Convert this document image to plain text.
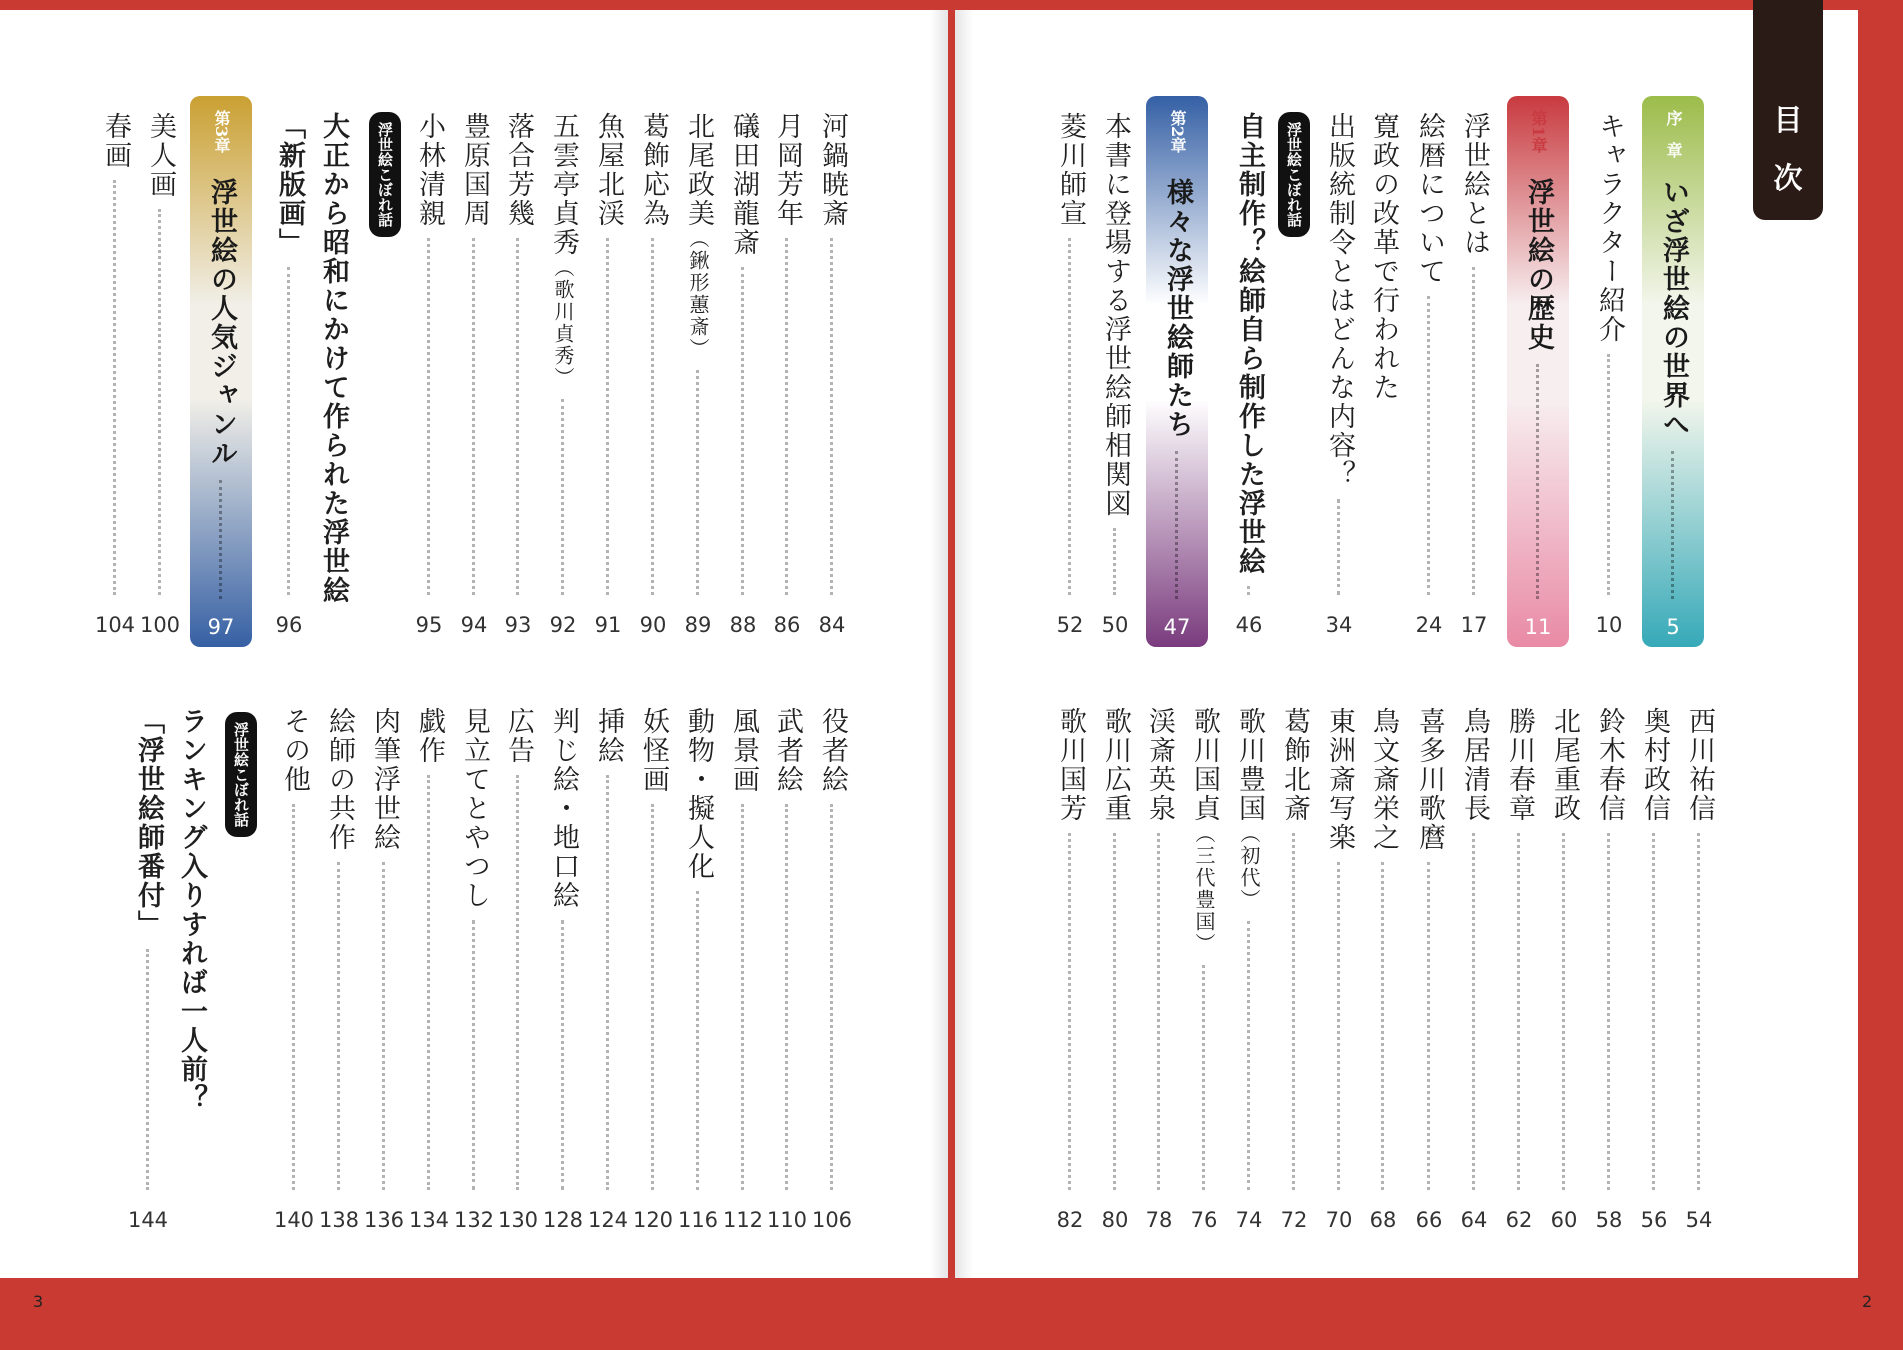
目
次
序　章
いざ浮世絵の世界へ
5
キャラクター紹介
10
第1章
浮世絵の歴史
11
浮世絵とは
17
絵暦について
24
寛政の改革で行われた
出版統制令とはどんな内容？
34
浮世絵こぼれ話
自主制作？絵師自ら制作した浮世絵
46
第2章
様々な浮世絵師たち
47
本書に登場する浮世絵師相関図
50
菱川師宣
52
西川祐信
54
奥村政信
56
鈴木春信
58
北尾重政
60
勝川春章
62
鳥居清長
64
喜多川歌麿
66
鳥文斎栄之
68
東洲斎写楽
70
葛飾北斎
72
歌川豊国（初代）
74
歌川国貞（三代豊国）
76
渓斎英泉
78
歌川広重
80
歌川国芳
82
河鍋暁斎
84
月岡芳年
86
礒田湖龍斎
88
北尾政美（鍬形蕙斎）
89
葛飾応為
90
魚屋北渓
91
五雲亭貞秀（歌川貞秀）
92
落合芳幾
93
豊原国周
94
小林清親
95
浮世絵こぼれ話
大正から昭和にかけて作られた浮世絵
「新版画」
96
第3章
浮世絵の人気ジャンル
97
美人画
100
春画
104
役者絵
106
武者絵
110
風景画
112
動物・擬人化
116
妖怪画
120
挿絵
124
判じ絵・地口絵
128
広告
130
見立てとやつし
132
戯作
134
肉筆浮世絵
136
絵師の共作
138
その他
140
浮世絵こぼれ話
ランキング入りすれば一人前？
「浮世絵師番付」
144
3	2
